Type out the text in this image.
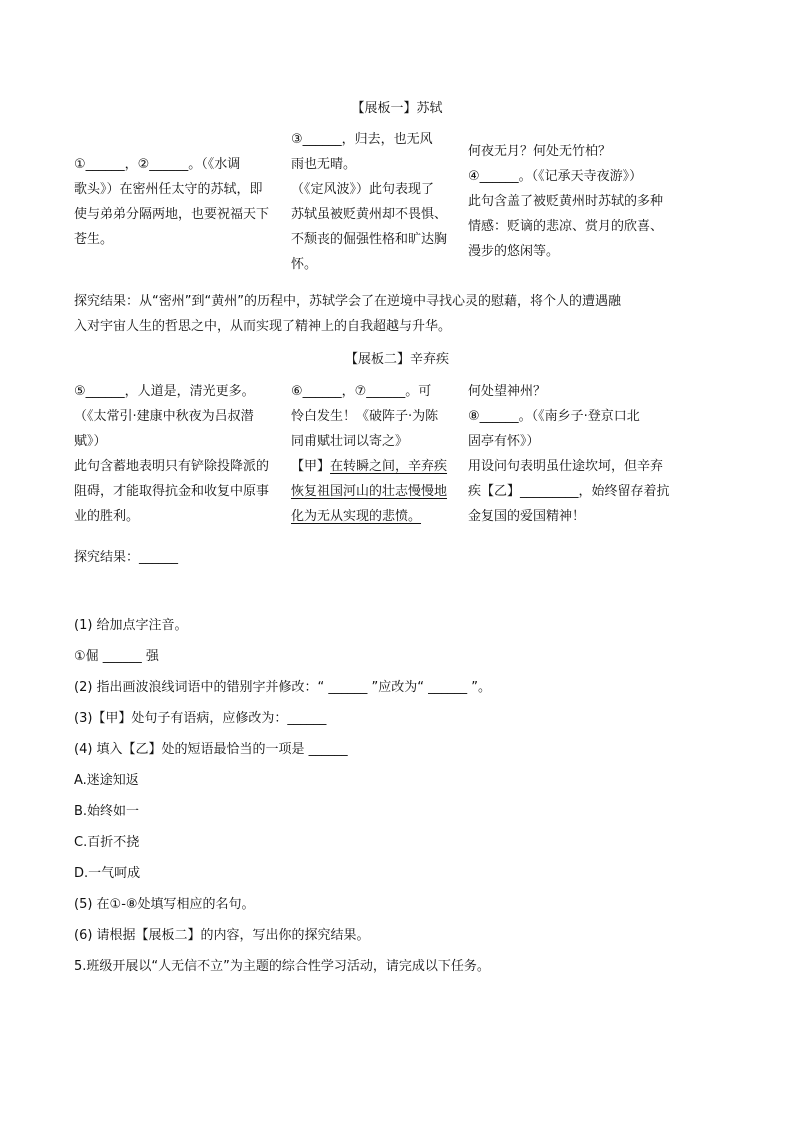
【展板一】苏轼

①______，②______。（《水调

歌头》）在密州任太守的苏轼，即

使与弟弟分隔两地，也要祝福天下

苍生。

③______，归去，也无风

雨也无晴。

（《定风波》）此句表现了

苏轼虽被贬黄州却不畏惧、

不颓丧的倔强性格和旷达胸

怀。

何夜无月？何处无竹柏？

④______。（《记承天寺夜游》）

此句含盖了被贬黄州时苏轼的多种

情感：贬谪的悲凉、赏月的欣喜、

漫步的悠闲等。

探究结果：从“密州”到“黄州”的历程中，苏轼学会了在逆境中寻找心灵的慰藉，将个人的遭遇融

入对宇宙人生的哲思之中，从而实现了精神上的自我超越与升华。

【展板二】辛弃疾

⑤______，人道是，清光更多。

（《太常引·建康中秋夜为吕叔潜

赋》）

此句含蓄地表明只有铲除投降派的

阻碍，才能取得抗金和收复中原事

业的胜利。

⑥______，⑦______。可

怜白发生！《破阵子·为陈

同甫赋壮词以寄之》

【甲】在转瞬之间，辛弃疾

恢复祖国河山的壮志慢慢地

化为无从实现的悲愤。

何处望神州？

⑧______。（《南乡子·登京口北

固亭有怀》）

用设问句表明虽仕途坎坷，但辛弃

疾【乙】_________，始终留存着抗

金复国的爱国精神！

探究结果：______

(1) 给加点字注音。

①倔 ______ 强

(2) 指出画波浪线词语中的错别字并修改：“ ______ ”应改为“ ______ ”。

(3)【甲】处句子有语病，应修改为：______

(4) 填入【乙】处的短语最恰当的一项是 ______

A.迷途知返

B.始终如一

C.百折不挠

D.一气呵成

(5) 在①-⑧处填写相应的名句。

(6) 请根据【展板二】的内容，写出你的探究结果。

5.班级开展以“人无信不立”为主题的综合性学习活动，请完成以下任务。
